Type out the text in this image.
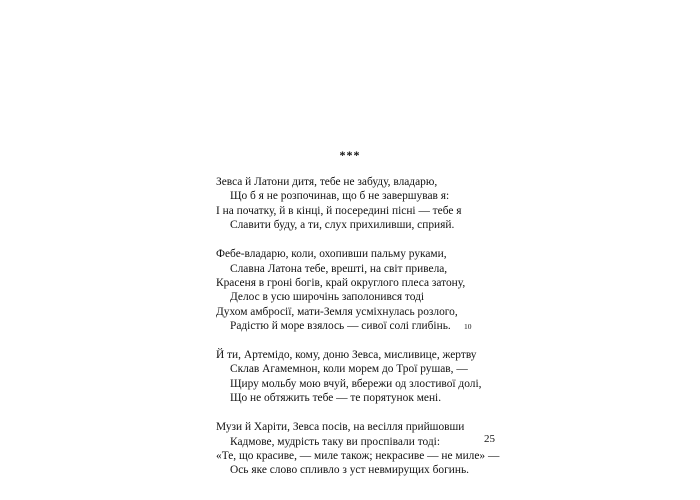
***
Зевса й Латони дитя, тебе не забуду, владарю,
Що б я не розпочинав, що б не завершував я:
І на початку, й в кінці, й посередині пісні — тебе я
Славити буду, а ти, слух прихиливши, сприяй.
Фебе-владарю, коли, охопивши пальму руками,
Славна Латона тебе, врешті, на світ привела,
Красеня в гроні богів, край округлого плеса затону,
Делос в усю широчінь заполонився тоді
Духом амбросії, мати-Земля усміхнулась розлого,
Радістю й море взялось — сивої солі глибінь. 10
Й ти, Артемідо, кому, доню Зевса, мисливице, жертву
Склав Агамемнон, коли морем до Трої рушав, —
Щиру мольбу мою вчуй, вбережи од злостивої долі,
Що не обтяжить тебе — те порятунок мені.
Музи й Харіти, Зевса посів, на весілля прийшовши
Кадмове, мудрість таку ви проспівали тоді:
«Те, що красиве, — миле також; некрасиве — не миле» —
Ось яке слово спливло з уст невмирущих богинь.
25
